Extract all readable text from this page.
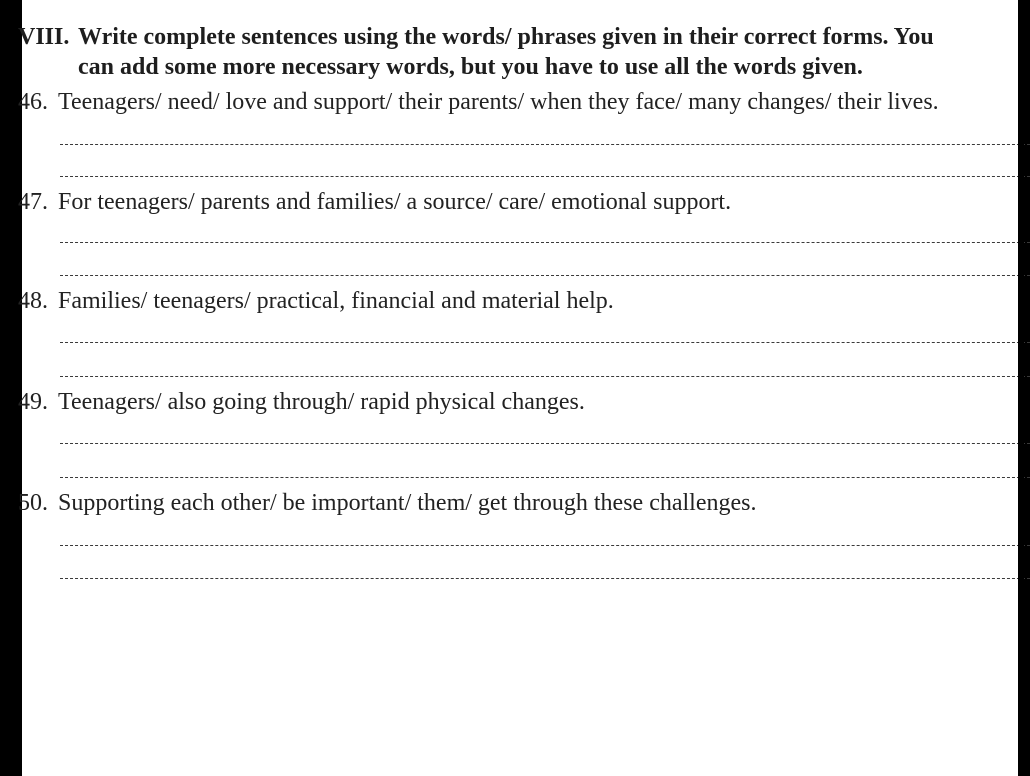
VIII. Write complete sentences using the words/ phrases given in their correct forms. You
can add some more necessary words, but you have to use all the words given.
46. Teenagers/ need/ love and support/ their parents/ when they face/ many changes/ their lives.
47. For teenagers/ parents and families/ a source/ care/ emotional support.
48. Families/ teenagers/ practical, financial and material help.
49. Teenagers/ also going through/ rapid physical changes.
50. Supporting each other/ be important/ them/ get through these challenges.
